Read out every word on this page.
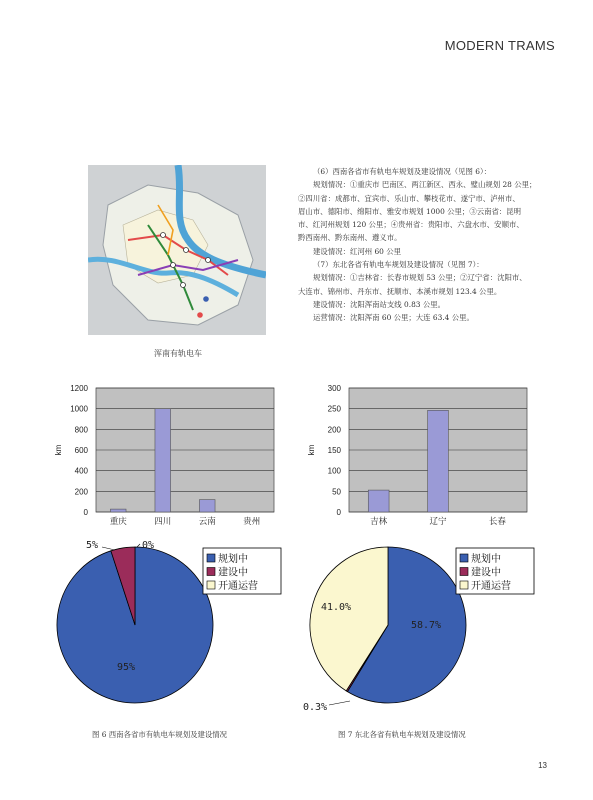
MODERN TRAMS
浑南有轨电车

（6）西南各省市有轨电车规划及建设情况（见图 6）：

规划情况：①重庆市 巴南区、两江新区、西永、璧山规划 28 公里；

②四川省：成都市、宜宾市、乐山市、攀枝花市、遂宁市、泸州市、

眉山市、德阳市、绵阳市、雅安市规划 1000 公里；③云南省：昆明

市、红河州规划 120 公里；④贵州省：贵阳市、六盘水市、安顺市、

黔西南州、黔东南州、遵义市。

建设情况：红河州 60 公里

（7）东北各省有轨电车规划及建设情况（见图 7）：

规划情况：①吉林省：长春市规划 53 公里；②辽宁省：沈阳市、

大连市、锦州市、丹东市、抚顺市、本溪市规划 123.4 公里。

建设情况：沈阳浑南站支线 0.83 公里。

运营情况：沈阳浑南 60 公里；大连 63.4 公里。

0
200
400
600
800
1000
1200
km
重庆	四川	云南	贵州
0
50
100
150
200
250
300
km
吉林	辽宁	长春
95%
5%	0%
规划中
建设中
开通运营
58.7%
0.3%
41.0%
规划中
建设中
开通运营
图 6 西南各省市有轨电车规划及建设情况	图 7 东北各省有轨电车规划及建设情况
13
